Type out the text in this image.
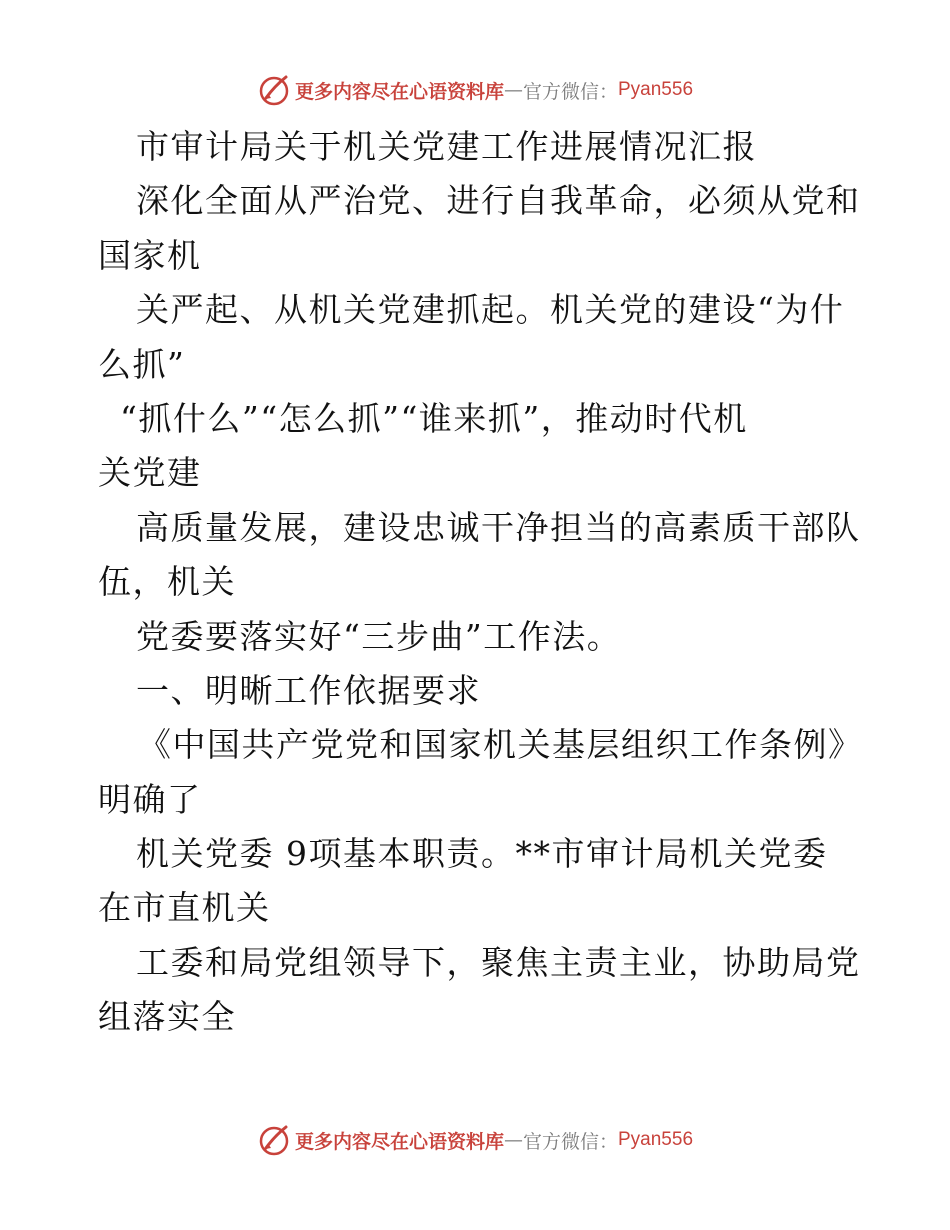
更多内容尽在心语资料库 — 官方微信： Pyan556
市审计局关于机关党建工作进展情况汇报
深化全面从严治党、进行自我革命，必须从党和
国家机
关严起、从机关党建抓起。机关党的建设“为什
么抓”
“抓什么”“怎么抓”“谁来抓”，推动时代机
关党建
高质量发展，建设忠诚干净担当的高素质干部队
伍，机关
党委要落实好“三步曲”工作法。
一、明晰工作依据要求
《中国共产党党和国家机关基层组织工作条例》
明确了
机关党委 9项基本职责。**市审计局机关党委
在市直机关
工委和局党组领导下，聚焦主责主业，协助局党
组落实全
更多内容尽在心语资料库 — 官方微信： Pyan556
